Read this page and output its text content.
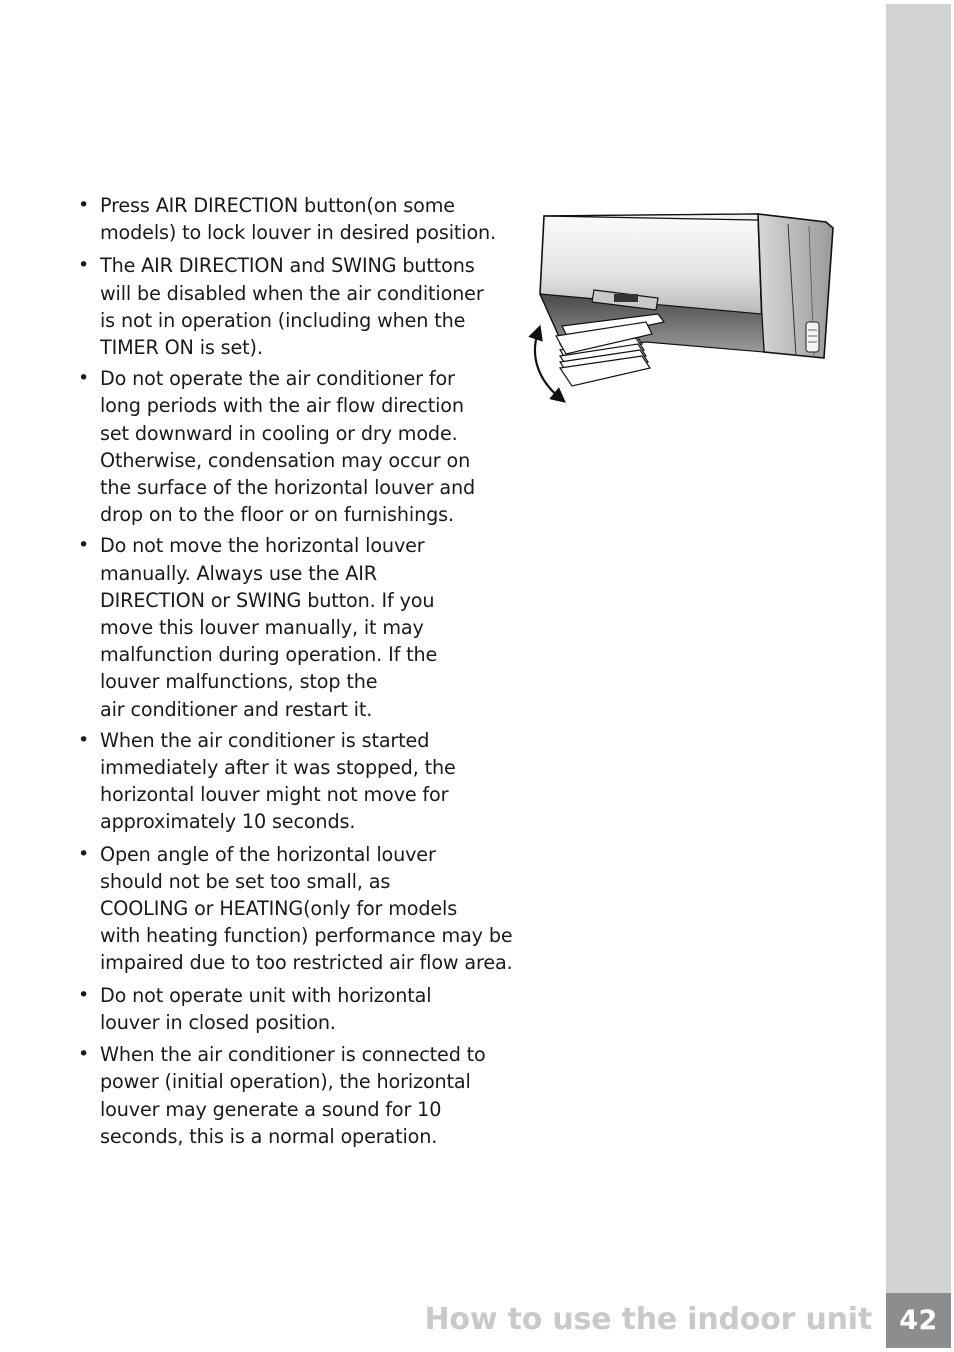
42
How to use the indoor unit
• Press AIR DIRECTION button(on some
models) to lock louver in desired position.
• The AIR DIRECTION and SWING buttons
will be disabled when the air conditioner
is not in operation (including when the
TIMER ON is set).
• Do not operate the air conditioner for
long periods with the air flow direction
set downward in cooling or dry mode.
Otherwise, condensation may occur on
the surface of the horizontal louver and
drop on to the floor or on furnishings.
• Do not move the horizontal louver
manually. Always use the AIR
DIRECTION or SWING button. If you
move this louver manually, it may
malfunction during operation. If the
louver malfunctions, stop the
air conditioner and restart it.
• When the air conditioner is started
immediately after it was stopped, the
horizontal louver might not move for
approximately 10 seconds.
• Open angle of the horizontal louver
should not be set too small, as
COOLING or HEATING(only for models
with heating function) performance may be
impaired due to too restricted air flow area.
• Do not operate unit with horizontal
louver in closed position.
• When the air conditioner is connected to
power (initial operation), the horizontal
louver may generate a sound for 10
seconds, this is a normal operation.
